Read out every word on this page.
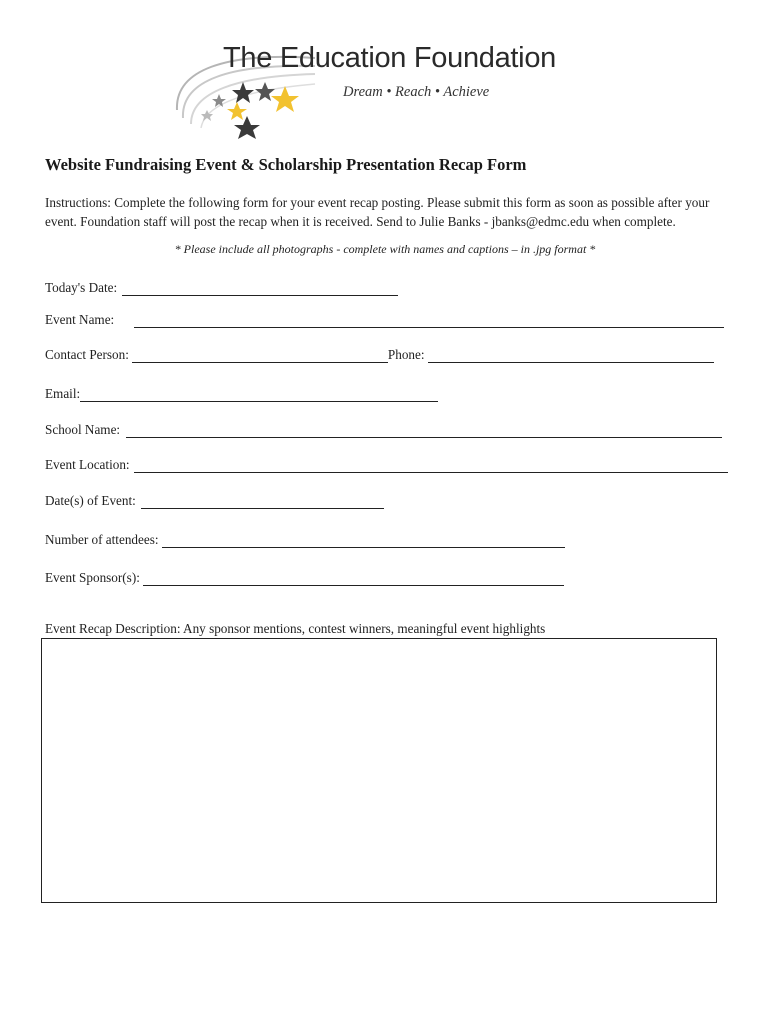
The Education Foundation
Dream • Reach • Achieve
Website Fundraising Event & Scholarship Presentation Recap Form
Instructions: Complete the following form for your event recap posting. Please submit this form as soon as possible after your event. Foundation staff will post the recap when it is received. Send to Julie Banks - jbanks@edmc.edu when complete.
* Please include all photographs - complete with names and captions – in .jpg format *
Today's Date:
Event Name:
Contact Person:	Phone:
Email:
School Name:
Event Location:
Date(s) of Event:
Number of attendees:
Event Sponsor(s):
Event Recap Description: Any sponsor mentions, contest winners, meaningful event highlights
